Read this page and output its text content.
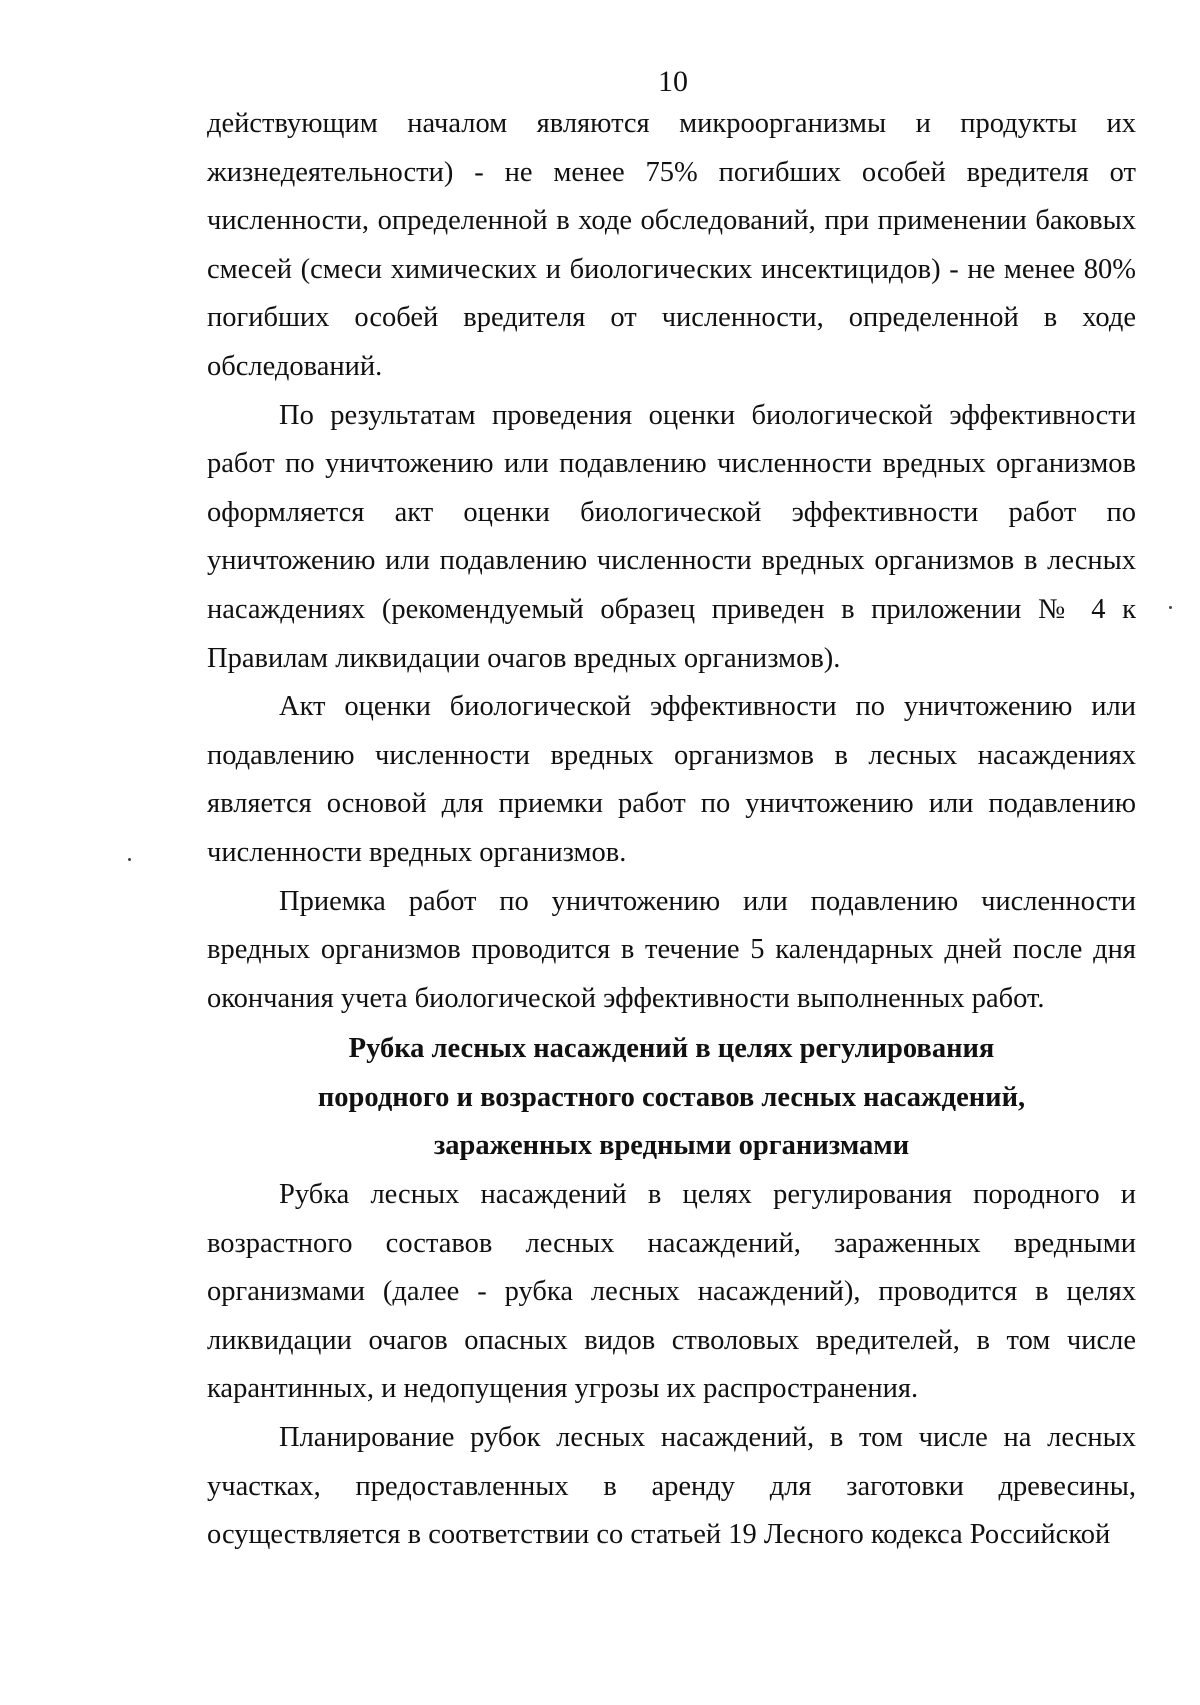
10

действующим началом являются микроорганизмы и продукты их жизнедеятельности) - не менее 75% погибших особей вредителя от численности, определенной в ходе обследований, при применении баковых смесей (смеси химических и биологических инсектицидов) - не менее 80% погибших особей вредителя от численности, определенной в ходе обследований.

По результатам проведения оценки биологической эффективности работ по уничтожению или подавлению численности вредных организмов оформляется акт оценки биологической эффективности работ по уничтожению или подавлению численности вредных организмов в лесных насаждениях (рекомендуемый образец приведен в приложении № 4 к Правилам ликвидации очагов вредных организмов).

Акт оценки биологической эффективности по уничтожению или подавлению численности вредных организмов в лесных насаждениях является основой для приемки работ по уничтожению или подавлению численности вредных организмов.

Приемка работ по уничтожению или подавлению численности вредных организмов проводится в течение 5 календарных дней после дня окончания учета биологической эффективности выполненных работ.

Рубка лесных насаждений в целях регулирования

породного и возрастного составов лесных насаждений,

зараженных вредными организмами

Рубка лесных насаждений в целях регулирования породного и возрастного составов лесных насаждений, зараженных вредными организмами (далее - рубка лесных насаждений), проводится в целях ликвидации очагов опасных видов стволовых вредителей, в том числе карантинных, и недопущения угрозы их распространения.

Планирование рубок лесных насаждений, в том числе на лесных участках, предоставленных в аренду для заготовки древесины, осуществляется в соответствии со статьей 19 Лесного кодекса Российской
